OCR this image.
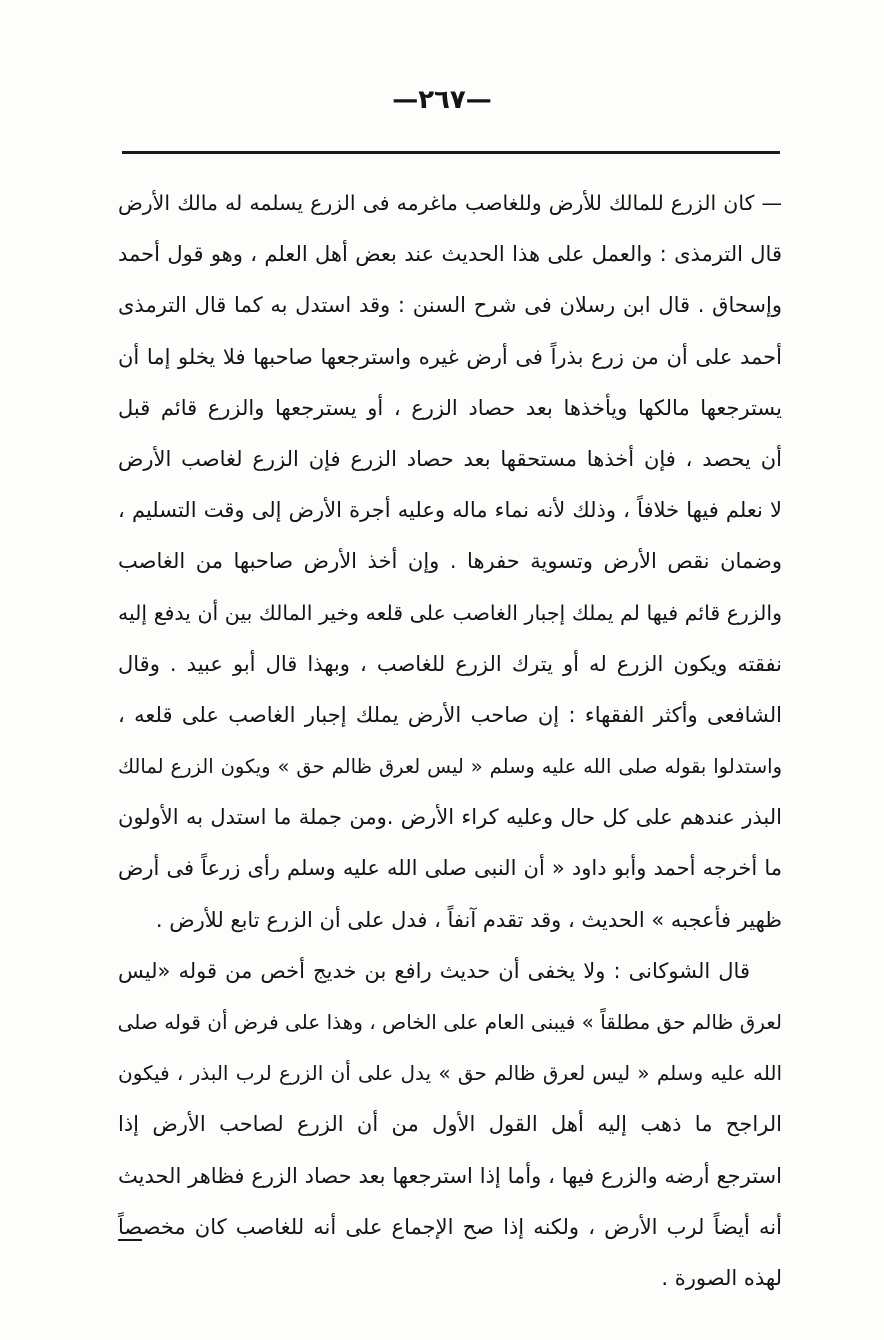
—٢٦٧—
— كان الزرع للمالك للأرض وللغاصب ماغرمه فى الزرع يسلمه له مالك الأرض
قال الترمذى : والعمل على هذا الحديث عند بعض أهل العلم ، وهو قول أحمد
وإسحاق . قال ابن رسلان فى شرح السنن : وقد استدل به كما قال الترمذى
أحمد على أن من زرع بذراً فى أرض غيره واسترجعها صاحبها فلا يخلو إما أن
يسترجعها مالكها ويأخذها بعد حصاد الزرع ، أو يسترجعها والزرع قائم قبل
أن يحصد ، فإن أخذها مستحقها بعد حصاد الزرع فإن الزرع لغاصب الأرض
لا نعلم فيها خلافاً ، وذلك لأنه نماء ماله وعليه أجرة الأرض إلى وقت التسليم ،
وضمان نقص الأرض وتسوية حفرها . وإن أخذ الأرض صاحبها من الغاصب
والزرع قائم فيها لم يملك إجبار الغاصب على قلعه وخير المالك بين أن يدفع إليه
نفقته ويكون الزرع له أو يترك الزرع للغاصب ، وبهذا قال أبو عبيد . وقال
الشافعى وأكثر الفقهاء : إن صاحب الأرض يملك إجبار الغاصب على قلعه ،
واستدلوا بقوله صلى الله عليه وسلم « ليس لعرق ظالم حق » ويكون الزرع لمالك
البذر عندهم على كل حال وعليه كراء الأرض .ومن جملة ما استدل به الأولون
ما أخرجه أحمد وأبو داود « أن النبى صلى الله عليه وسلم رأى زرعاً فى أرض
ظهير فأعجبه » الحديث ، وقد تقدم آنفاً ، فدل على أن الزرع تابع للأرض .
قال الشوكانى : ولا يخفى أن حديث رافع بن خديج أخص من قوله «ليس
لعرق ظالم حق مطلقاً » فيبنى العام على الخاص ، وهذا على فرض أن قوله صلى
الله عليه وسلم « ليس لعرق ظالم حق » يدل على أن الزرع لرب البذر ، فيكون
الراجح ما ذهب إليه أهل القول الأول من أن الزرع لصاحب الأرض إذا
استرجع أرضه والزرع فيها ، وأما إذا استرجعها بعد حصاد الزرع فظاهر الحديث
أنه أيضاً لرب الأرض ، ولكنه إذا صح الإجماع على أنه للغاصب كان مخصصاً
لهذه الصورة .
